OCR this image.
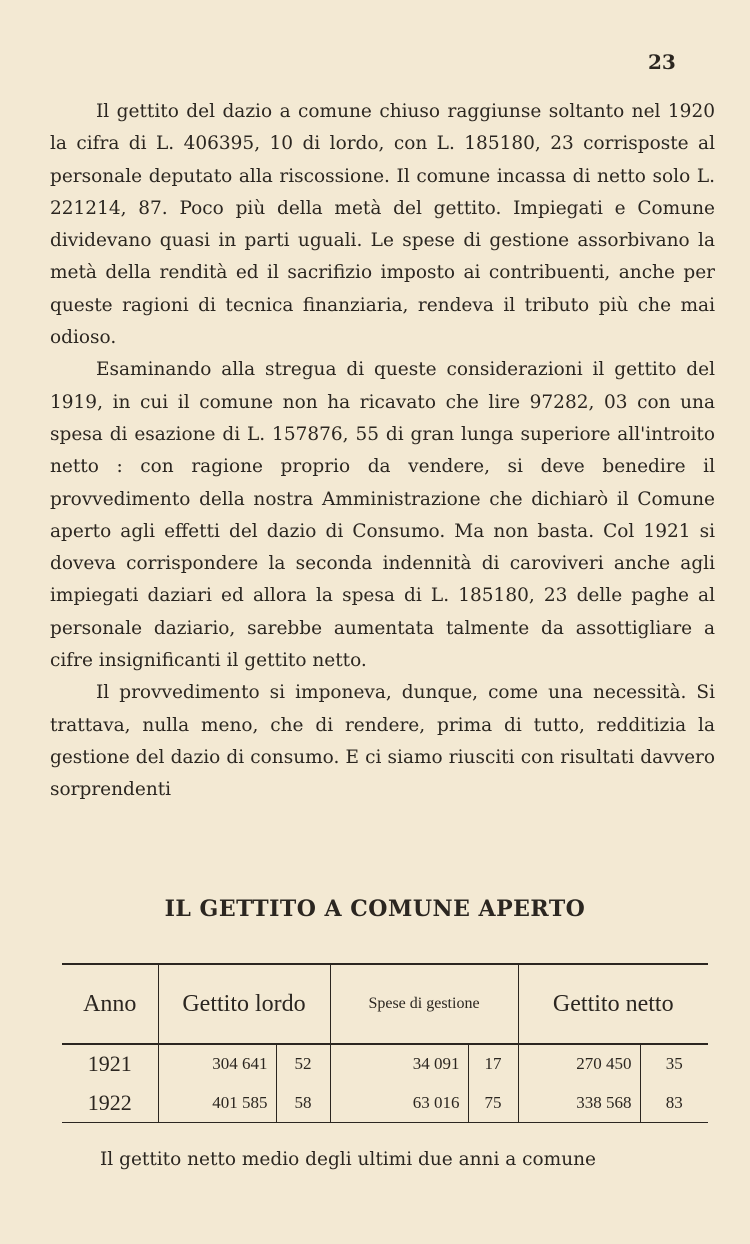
23

Il gettito del dazio a comune chiuso raggiunse soltanto nel 1920 la cifra di L. 406395, 10 di lordo, con L. 185180, 23 corrisposte al personale deputato alla riscossione. Il comune incassa di netto solo L. 221214, 87. Poco più della metà del gettito. Impiegati e Comune dividevano quasi in parti uguali. Le spese di gestione assorbivano la metà della rendità ed il sacrifizio imposto ai contribuenti, anche per queste ragioni di tecnica finanziaria, rendeva il tributo più che mai odioso.

Esaminando alla stregua di queste considerazioni il gettito del 1919, in cui il comune non ha ricavato che lire 97282, 03 con una spesa di esazione di L. 157876, 55 di gran lunga superiore all'introito netto : con ragione proprio da vendere, si deve benedire il provvedimento della nostra Amministrazione che dichiarò il Comune aperto agli effetti del dazio di Consumo. Ma non basta. Col 1921 si doveva corrispondere la seconda indennità di caroviveri anche agli impiegati daziari ed allora la spesa di L. 185180, 23 delle paghe al personale daziario, sarebbe aumentata talmente da assottigliare a cifre insignificanti il gettito netto.

Il provvedimento si imponeva, dunque, come una necessità. Si trattava, nulla meno, che di rendere, prima di tutto, redditizia la gestione del dazio di consumo. E ci siamo riusciti con risultati davvero sorprendenti

IL GETTITO A COMUNE APERTO
Anno	Gettito lordo		Spese di gestione		Gettito netto	
1921	304 641	52	34 091	17	270 450	35
1922	401 585	58	63 016	75	338 568	83
Il gettito netto medio degli ultimi due anni a comune
